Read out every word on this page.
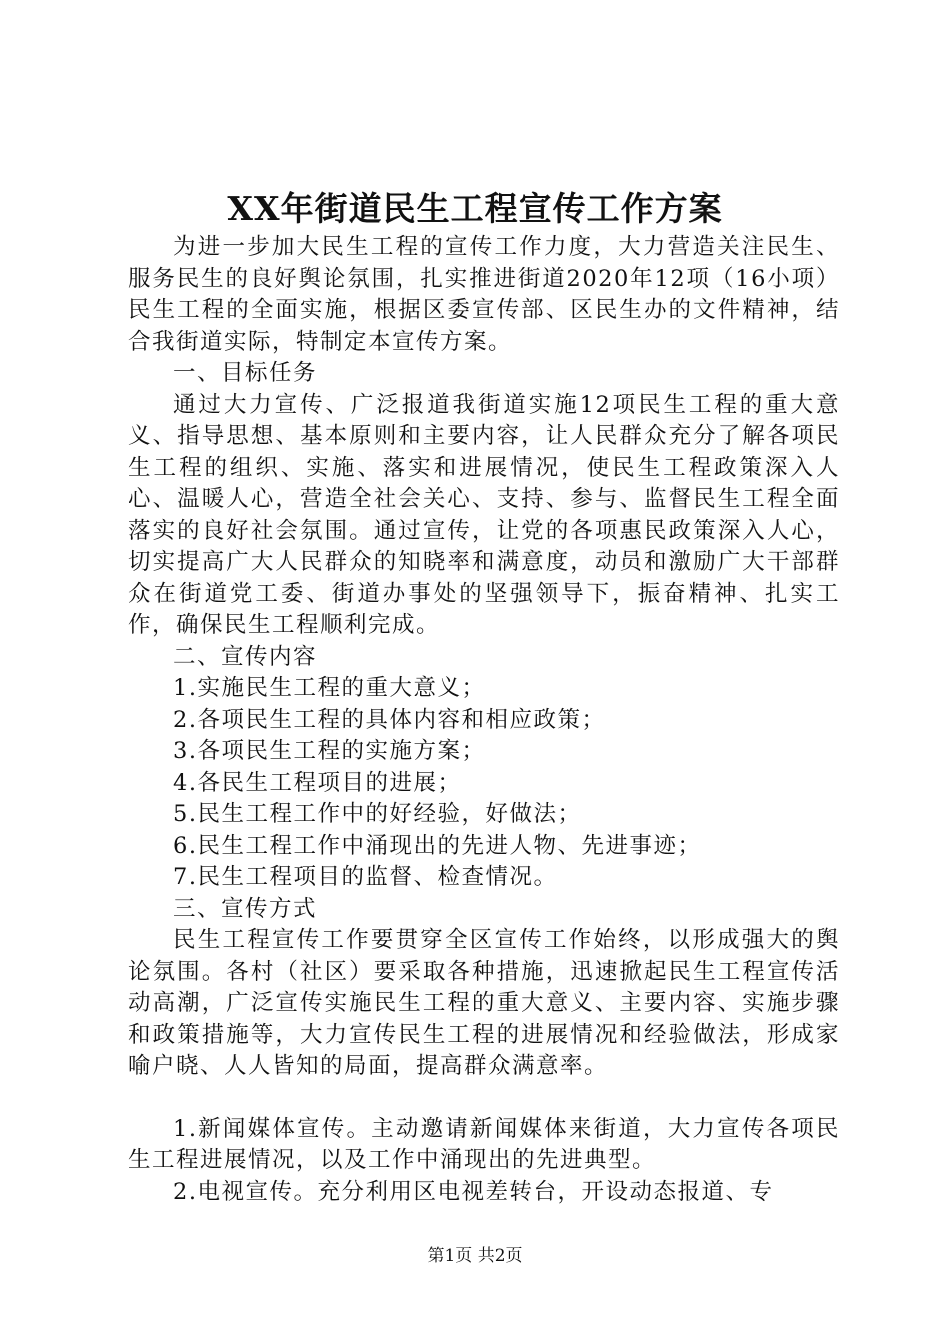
XX年街道民生工程宣传工作方案

为进一步加大民生工程的宣传工作力度，大力营造关注民生、服务民生的良好舆论氛围，扎实推进街道2020年12项（16小项）民生工程的全面实施，根据区委宣传部、区民生办的文件精神，结合我街道实际，特制定本宣传方案。

一、目标任务

通过大力宣传、广泛报道我街道实施12项民生工程的重大意义、指导思想、基本原则和主要内容，让人民群众充分了解各项民生工程的组织、实施、落实和进展情况，使民生工程政策深入人心、温暖人心，营造全社会关心、支持、参与、监督民生工程全面落实的良好社会氛围。通过宣传，让党的各项惠民政策深入人心，切实提高广大人民群众的知晓率和满意度，动员和激励广大干部群众在街道党工委、街道办事处的坚强领导下，振奋精神、扎实工作，确保民生工程顺利完成。

二、宣传内容

1.实施民生工程的重大意义；

2.各项民生工程的具体内容和相应政策；

3.各项民生工程的实施方案；

4.各民生工程项目的进展；

5.民生工程工作中的好经验，好做法；

6.民生工程工作中涌现出的先进人物、先进事迹；

7.民生工程项目的监督、检查情况。

三、宣传方式

民生工程宣传工作要贯穿全区宣传工作始终，以形成强大的舆论氛围。各村（社区）要采取各种措施，迅速掀起民生工程宣传活动高潮，广泛宣传实施民生工程的重大意义、主要内容、实施步骤和政策措施等，大力宣传民生工程的进展情况和经验做法，形成家喻户晓、人人皆知的局面，提高群众满意率。

1.新闻媒体宣传。主动邀请新闻媒体来街道，大力宣传各项民生工程进展情况，以及工作中涌现出的先进典型。

2.电视宣传。充分利用区电视差转台，开设动态报道、专

第1页 共2页
